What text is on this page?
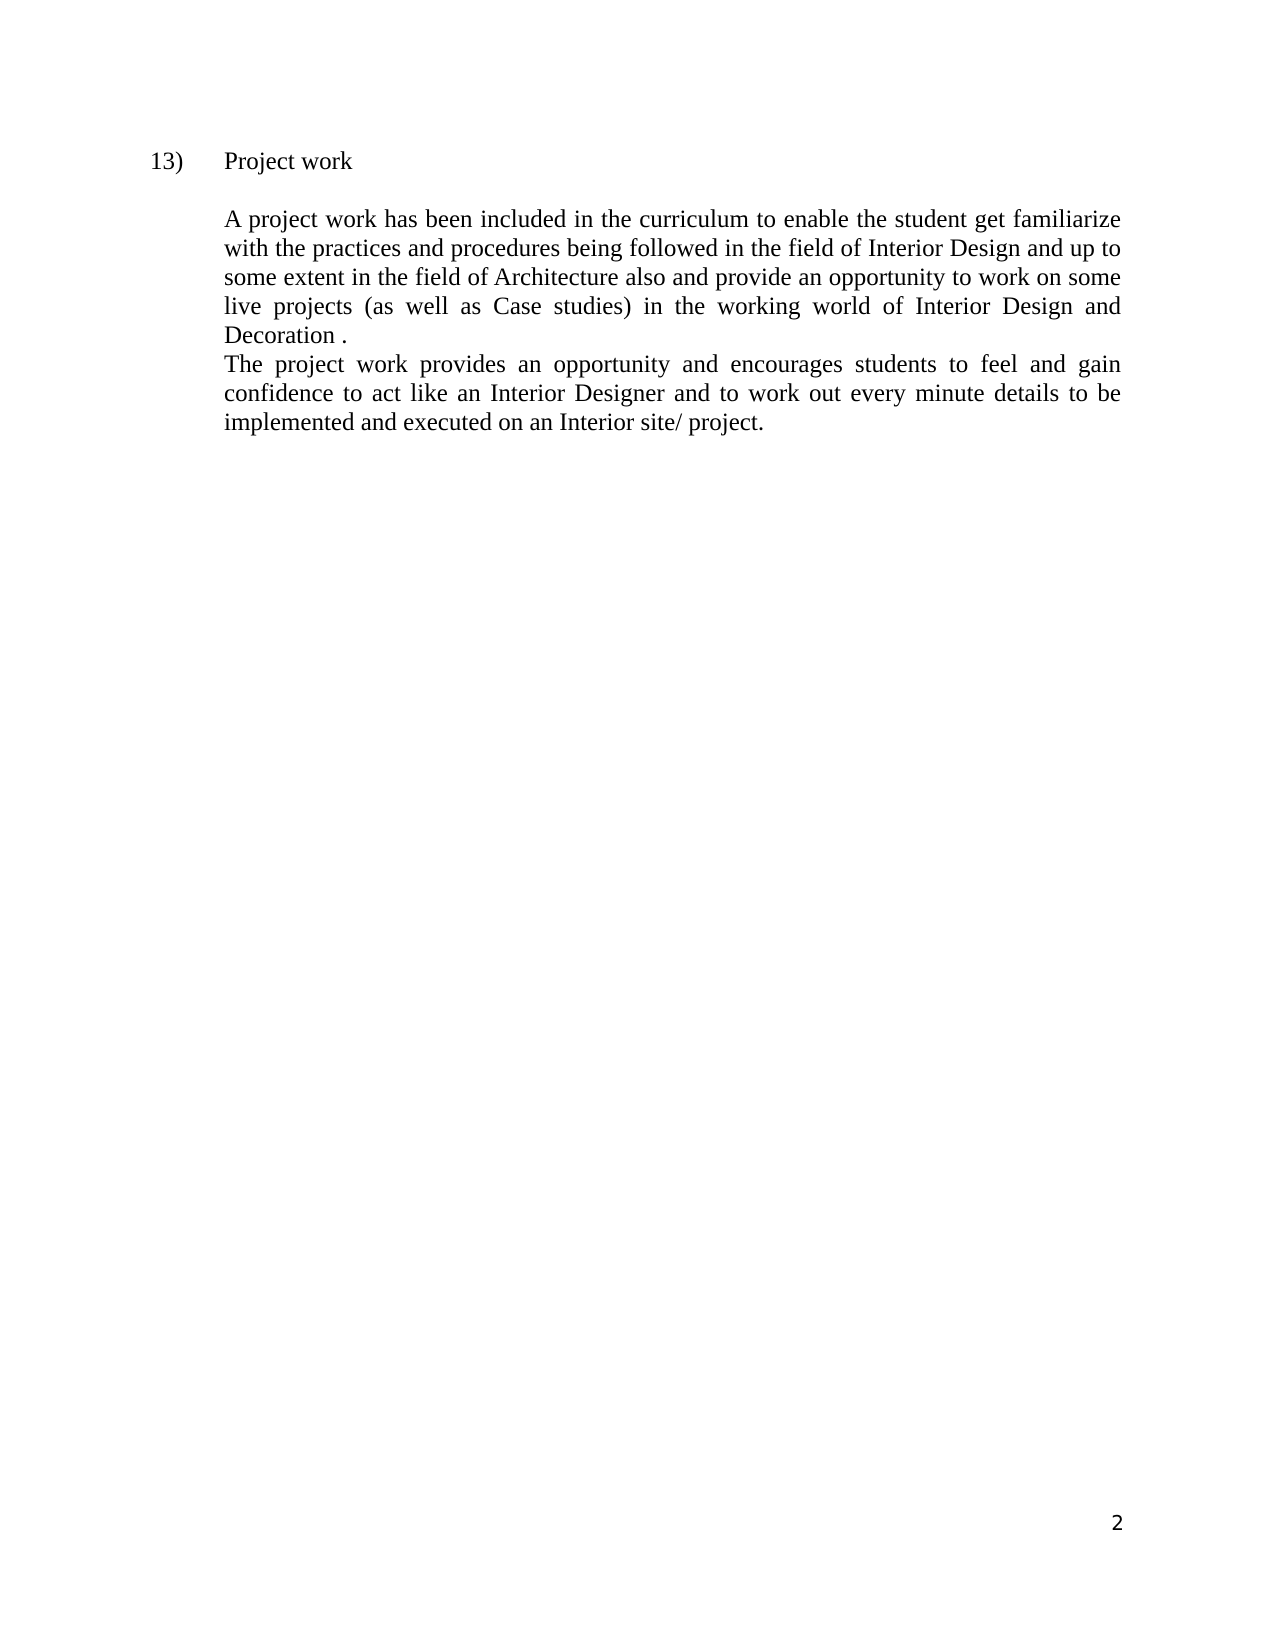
13) Project work

A project work has been included in the curriculum to enable the student get familiarize with the practices and procedures being followed in the field of Interior Design and up to some extent in the field of Architecture also and provide an opportunity to work on some live projects (as well as Case studies) in the working world of Interior Design and Decoration .

The project work provides an opportunity and encourages students to feel and gain confidence to act like an Interior Designer and to work out every minute details to be implemented and executed on an Interior site/ project.

2
